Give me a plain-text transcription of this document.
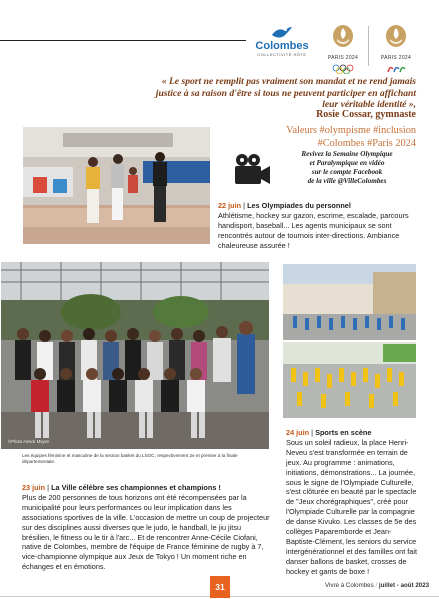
Colombes
COLLECTIVITÉ HÔTE
PARIS 2024	PARIS 2024
« Le sport ne remplit pas vraiment son mandat et ne rend jamais justice à sa raison d'être si tous ne peuvent participer en affichant leur véritable identité »,
Rosie Cossar, gymnaste
Valeurs #olympisme #inclusion
#Colombes #Paris 2024
Revivez la Semaine Olympique
et Paralympique en vidéo
sur le compte Facebook
de la ville @VilleColombes
22 juin | Les Olympiades du personnel
Athlétisme, hockey sur gazon, escrime, escalade, parcours handisport, baseball... Les agents municipaux se sont rencontrés autour de tournois inter-directions. Ambiance chaleureuse assurée !
©Photo Annick Moyen
Les équipes féminine et masculine de la section basket du LSOC, respectivement 2e et premier à la finale départementale.
23 juin | La Ville célèbre ses championnes et champions !
Plus de 200 personnes de tous horizons ont été récompensées par la municipalité pour leurs performances ou leur implication dans les associations sportives de la ville. L'occasion de mettre un coup de projecteur sur des disciplines aussi diverses que le judo, le handball, le jiu jitsu brésilien, le fitness ou le tir à l'arc... Et de rencontrer Anne-Cécile Ciofani, native de Colombes, membre de l'équipe de France féminine de rugby à 7, vice-championne olympique aux Jeux de Tokyo ! Un moment riche en échanges et en émotions.
24 juin | Sports en scène
Sous un soleil radieux, la place Henri-Neveu s'est transformée en terrain de jeux. Au programme : animations, initiations, démonstrations... La journée, sous le signe de l'Olympiade Culturelle, s'est clôturée en beauté par le spectacle de "Jeux chorégraphiques", créé pour l'Olympiade Culturelle par la compagnie de danse Kivuko. Les classes de 5e des collèges Paparemborde et Jean-Baptiste-Clément, les seniors du service intergénérationnel et des familles ont fait danser ballons de basket, crosses de hockey et gants de boxe !
31	Vivre à Colombes / juillet - août 2023
